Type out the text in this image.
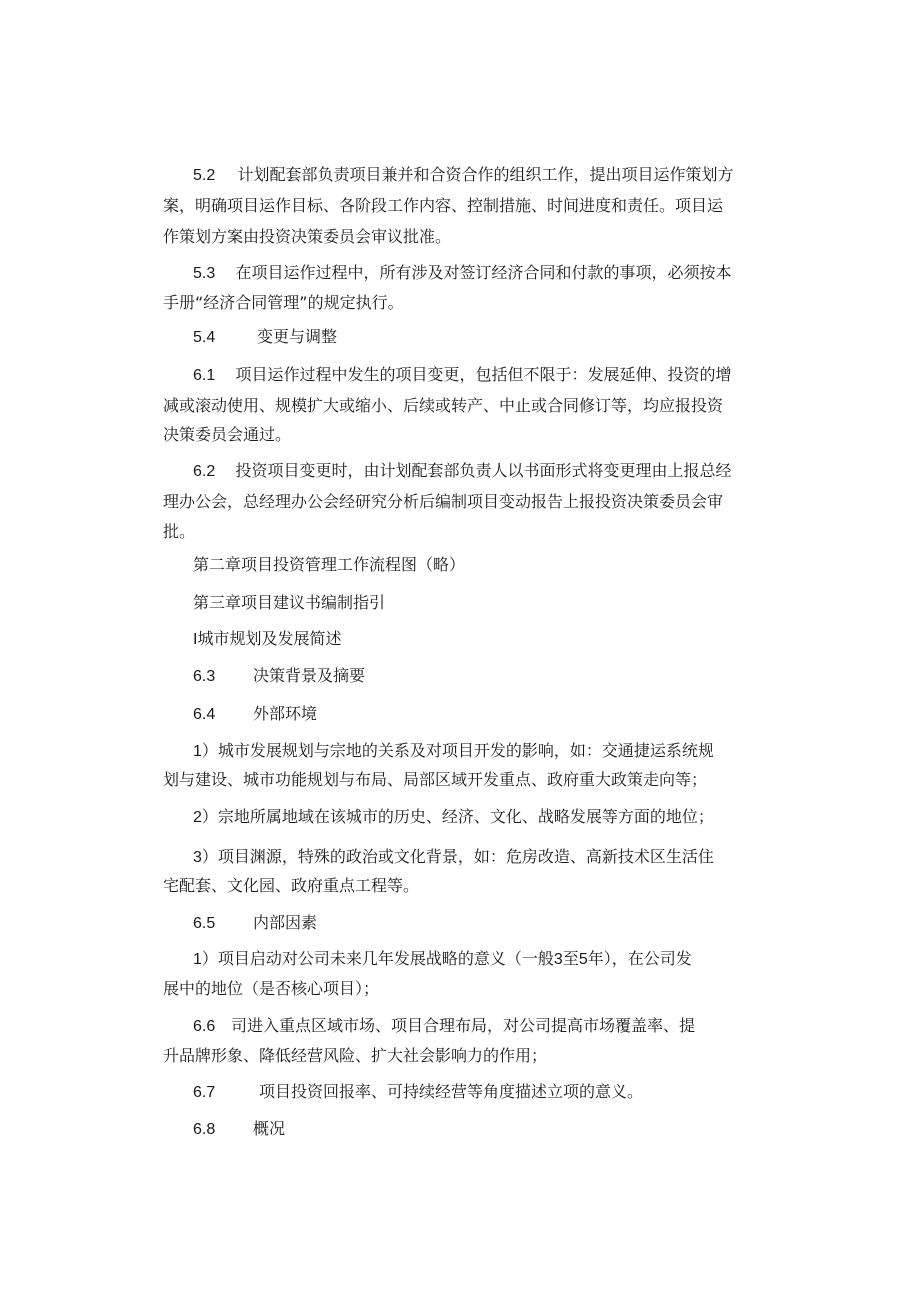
5.2 计划配套部负责项目兼并和合资合作的组织工作，提出项目运作策划方
案，明确项目运作目标、各阶段工作内容、控制措施、时间进度和责任。项目运
作策划方案由投资决策委员会审议批准。
5.3 在项目运作过程中，所有涉及对签订经济合同和付款的事项，必须按本
手册“经济合同管理”的规定执行。
5.4	变更与调整
6.1 项目运作过程中发生的项目变更，包括但不限于：发展延伸、投资的增
减或滚动使用、规模扩大或缩小、后续或转产、中止或合同修订等，均应报投资
决策委员会通过。
6.2 投资项目变更时，由计划配套部负责人以书面形式将变更理由上报总经
理办公会，总经理办公会经研究分析后编制项目变动报告上报投资决策委员会审
批。
第二章项目投资管理工作流程图（略）
第三章项目建议书编制指引
I城市规划及发展简述
6.3 决策背景及摘要
6.4 外部环境
1）城市发展规划与宗地的关系及对项目开发的影响，如：交通捷运系统规
划与建设、城市功能规划与布局、局部区域开发重点、政府重大政策走向等；
2）宗地所属地域在该城市的历史、经济、文化、战略发展等方面的地位；
3）项目渊源，特殊的政治或文化背景，如：危房改造、高新技术区生活住
宅配套、文化园、政府重点工程等。
6.5 内部因素
1）项目启动对公司未来几年发展战略的意义（一般3至5年），在公司发
展中的地位（是否核心项目）；
6.6 司进入重点区域市场、项目合理布局，对公司提高市场覆盖率、提
升品牌形象、降低经营风险、扩大社会影响力的作用；
6.7	项目投资回报率、可持续经营等角度描述立项的意义。
6.8 概况
